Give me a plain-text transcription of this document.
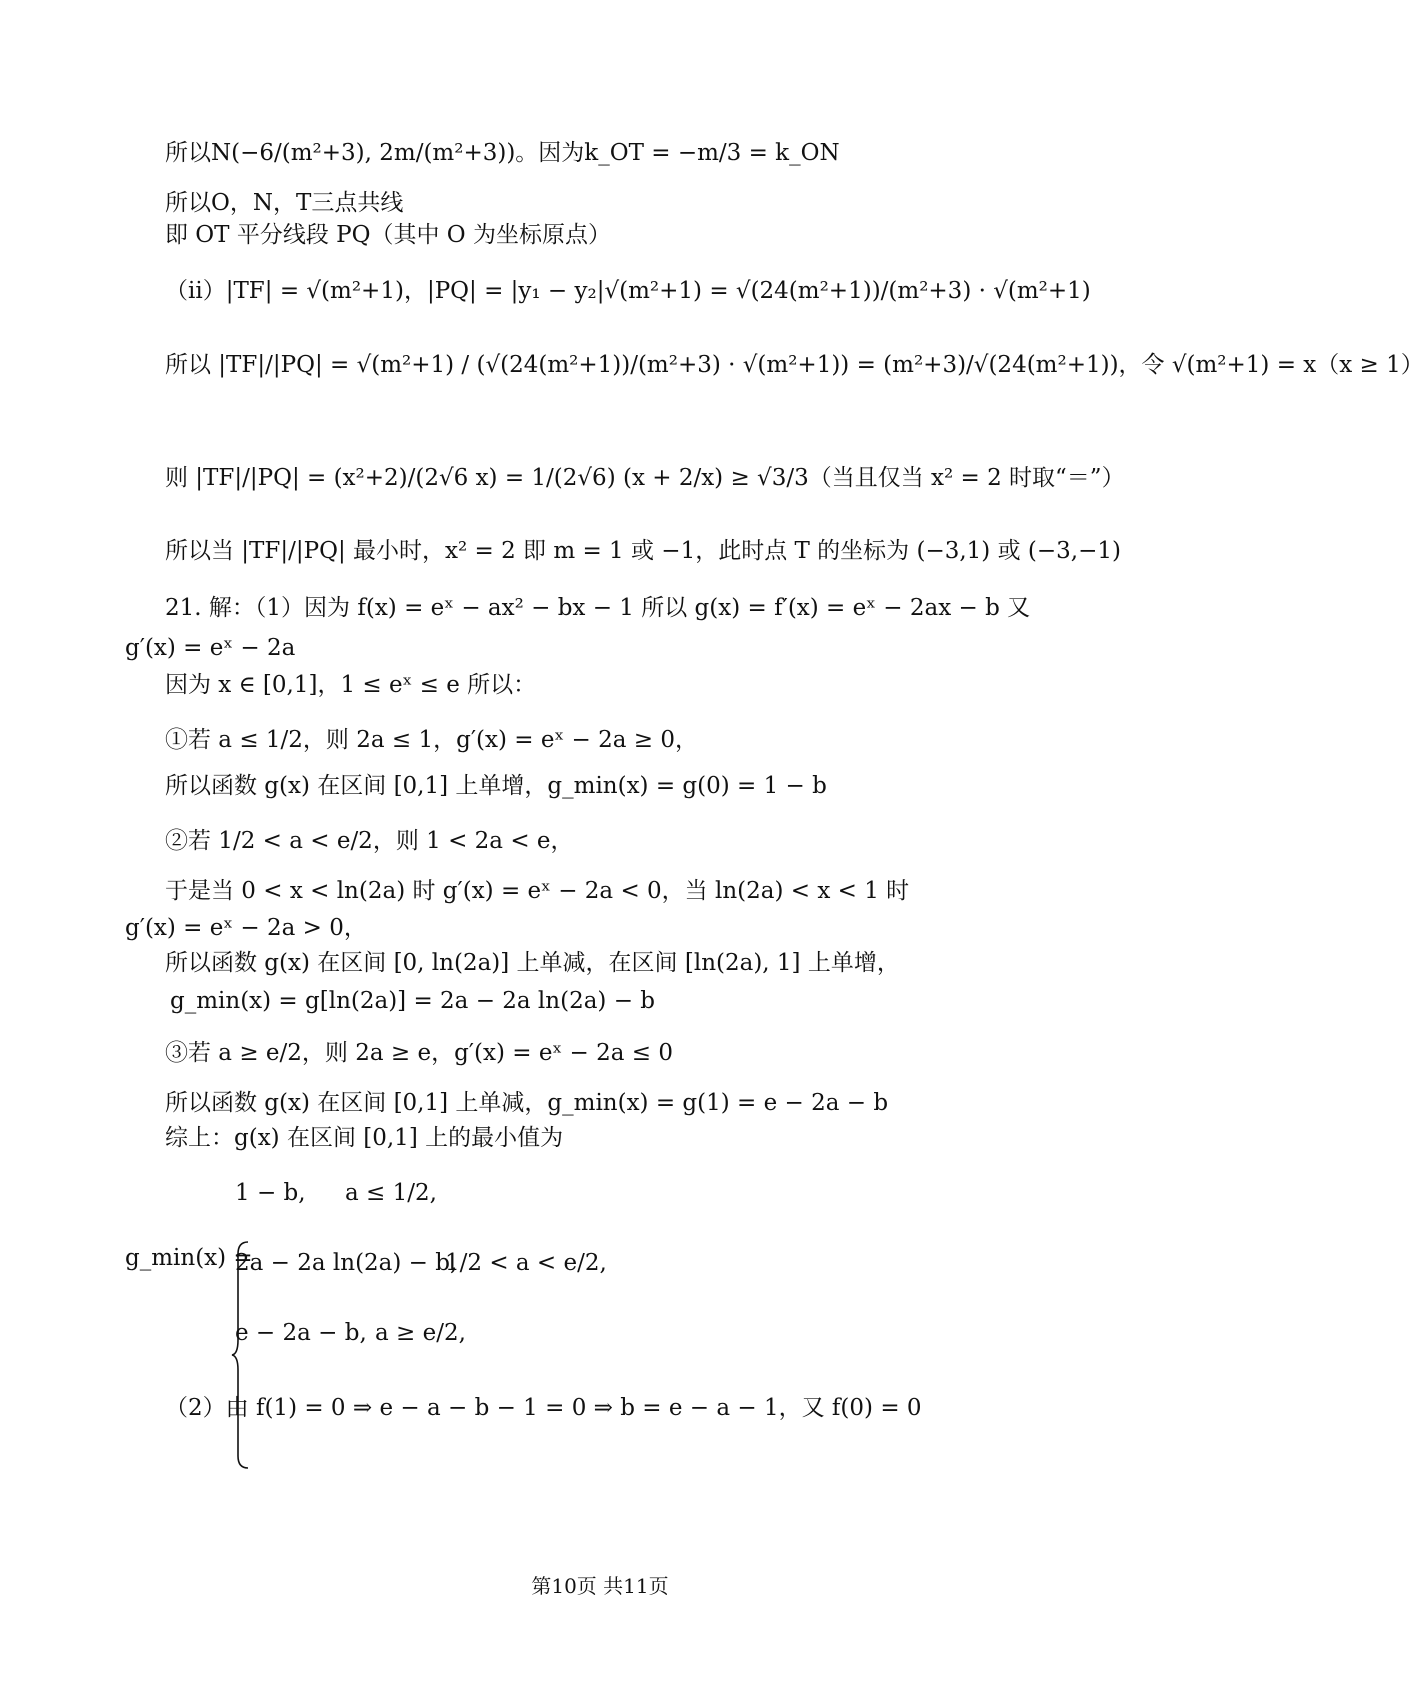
所以N(−6/(m²+3), 2m/(m²+3))。因为k_OT = −m/3 = k_ON
所以O，N，T三点共线
即 OT 平分线段 PQ（其中 O 为坐标原点）
（ii）|TF| = √(m²+1)，|PQ| = |y₁ − y₂|√(m²+1) = √(24(m²+1))/(m²+3) · √(m²+1)
所以 |TF|/|PQ| = √(m²+1) / (√(24(m²+1))/(m²+3) · √(m²+1)) = (m²+3)/√(24(m²+1))，令 √(m²+1) = x（x ≥ 1）
则 |TF|/|PQ| = (x²+2)/(2√6 x) = 1/(2√6) (x + 2/x) ≥ √3/3（当且仅当 x² = 2 时取“＝”）
所以当 |TF|/|PQ| 最小时，x² = 2 即 m = 1 或 −1，此时点 T 的坐标为 (−3,1) 或 (−3,−1)
21. 解：（1）因为 f(x) = eˣ − ax² − bx − 1 所以 g(x) = f′(x) = eˣ − 2ax − b 又
g′(x) = eˣ − 2a
因为 x ∈ [0,1]，1 ≤ eˣ ≤ e 所以：
①若 a ≤ 1/2，则 2a ≤ 1，g′(x) = eˣ − 2a ≥ 0，
所以函数 g(x) 在区间 [0,1] 上单增，g_min(x) = g(0) = 1 − b
②若 1/2 < a < e/2，则 1 < 2a < e，
于是当 0 < x < ln(2a) 时 g′(x) = eˣ − 2a < 0，当 ln(2a) < x < 1 时
g′(x) = eˣ − 2a > 0，
所以函数 g(x) 在区间 [0, ln(2a)] 上单减，在区间 [ln(2a), 1] 上单增，
g_min(x) = g[ln(2a)] = 2a − 2a ln(2a) − b
③若 a ≥ e/2，则 2a ≥ e，g′(x) = eˣ − 2a ≤ 0
所以函数 g(x) 在区间 [0,1] 上单减，g_min(x) = g(1) = e − 2a − b
综上：g(x) 在区间 [0,1] 上的最小值为
g_min(x) =
1 − b, a ≤ 1/2,
2a − 2a ln(2a) − b,
1/2 < a < e/2,
e − 2a − b, a ≥ e/2,
（2）由 f(1) = 0 ⇒ e − a − b − 1 = 0 ⇒ b = e − a − 1，又 f(0) = 0
第10页 共11页
